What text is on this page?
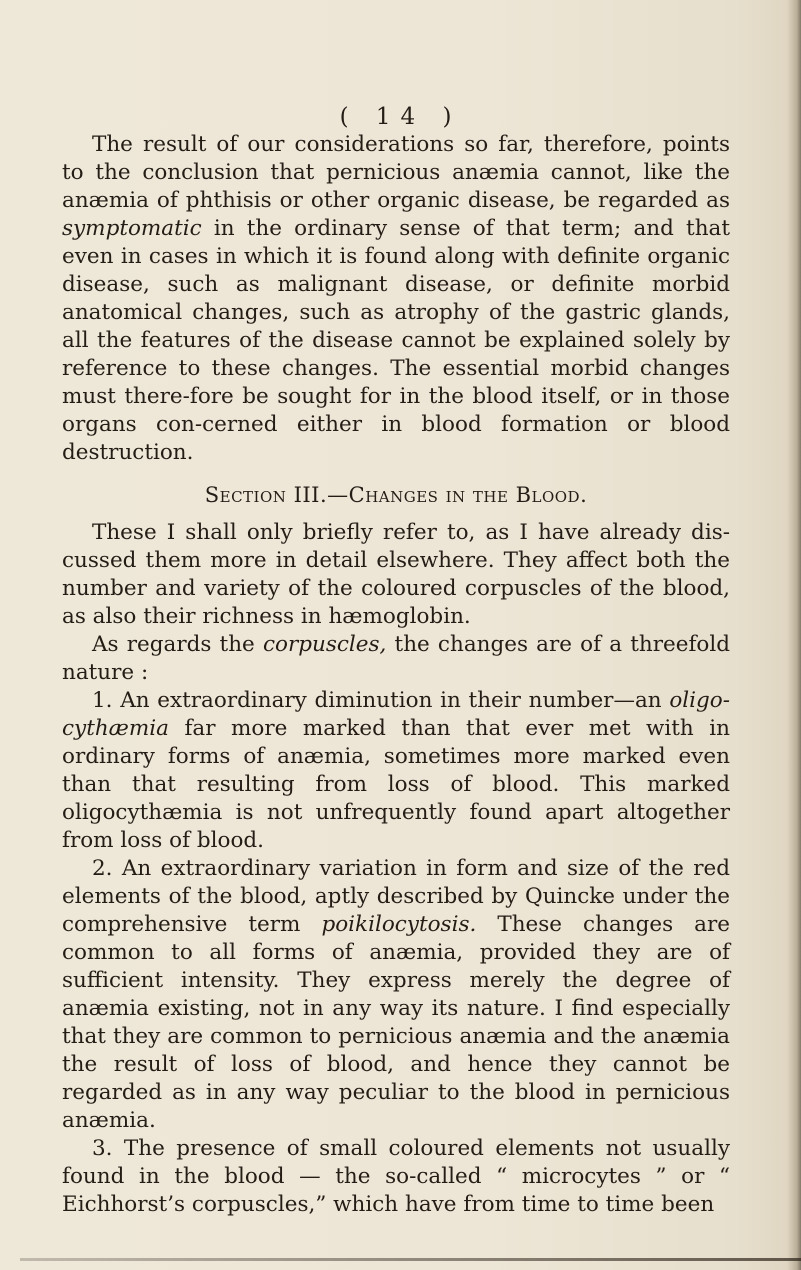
( 14 )

The result of our considerations so far, therefore, points to the conclusion that pernicious anæmia cannot, like the anæmia of phthisis or other organic disease, be regarded as symptomatic in the ordinary sense of that term; and that even in cases in which it is found along with definite organic disease, such as malignant disease, or definite morbid anatomical changes, such as atrophy of the gastric glands, all the features of the disease cannot be explained solely by reference to these changes. The essential morbid changes must there-fore be sought for in the blood itself, or in those organs con-cerned either in blood formation or blood destruction.

Section III.—Changes in the Blood.

These I shall only briefly refer to, as I have already dis-cussed them more in detail elsewhere. They affect both the number and variety of the coloured corpuscles of the blood, as also their richness in hæmoglobin.

As regards the corpuscles, the changes are of a threefold nature :

1. An extraordinary diminution in their number—an oligo-cythæmia far more marked than that ever met with in ordinary forms of anæmia, sometimes more marked even than that resulting from loss of blood. This marked oligocythæmia is not unfrequently found apart altogether from loss of blood.

2. An extraordinary variation in form and size of the red elements of the blood, aptly described by Quincke under the comprehensive term poikilocytosis. These changes are common to all forms of anæmia, provided they are of sufficient intensity. They express merely the degree of anæmia existing, not in any way its nature. I find especially that they are common to pernicious anæmia and the anæmia the result of loss of blood, and hence they cannot be regarded as in any way peculiar to the blood in pernicious anæmia.

3. The presence of small coloured elements not usually found in the blood — the so-called “ microcytes ” or “ Eichhorst’s corpuscles,” which have from time to time been
